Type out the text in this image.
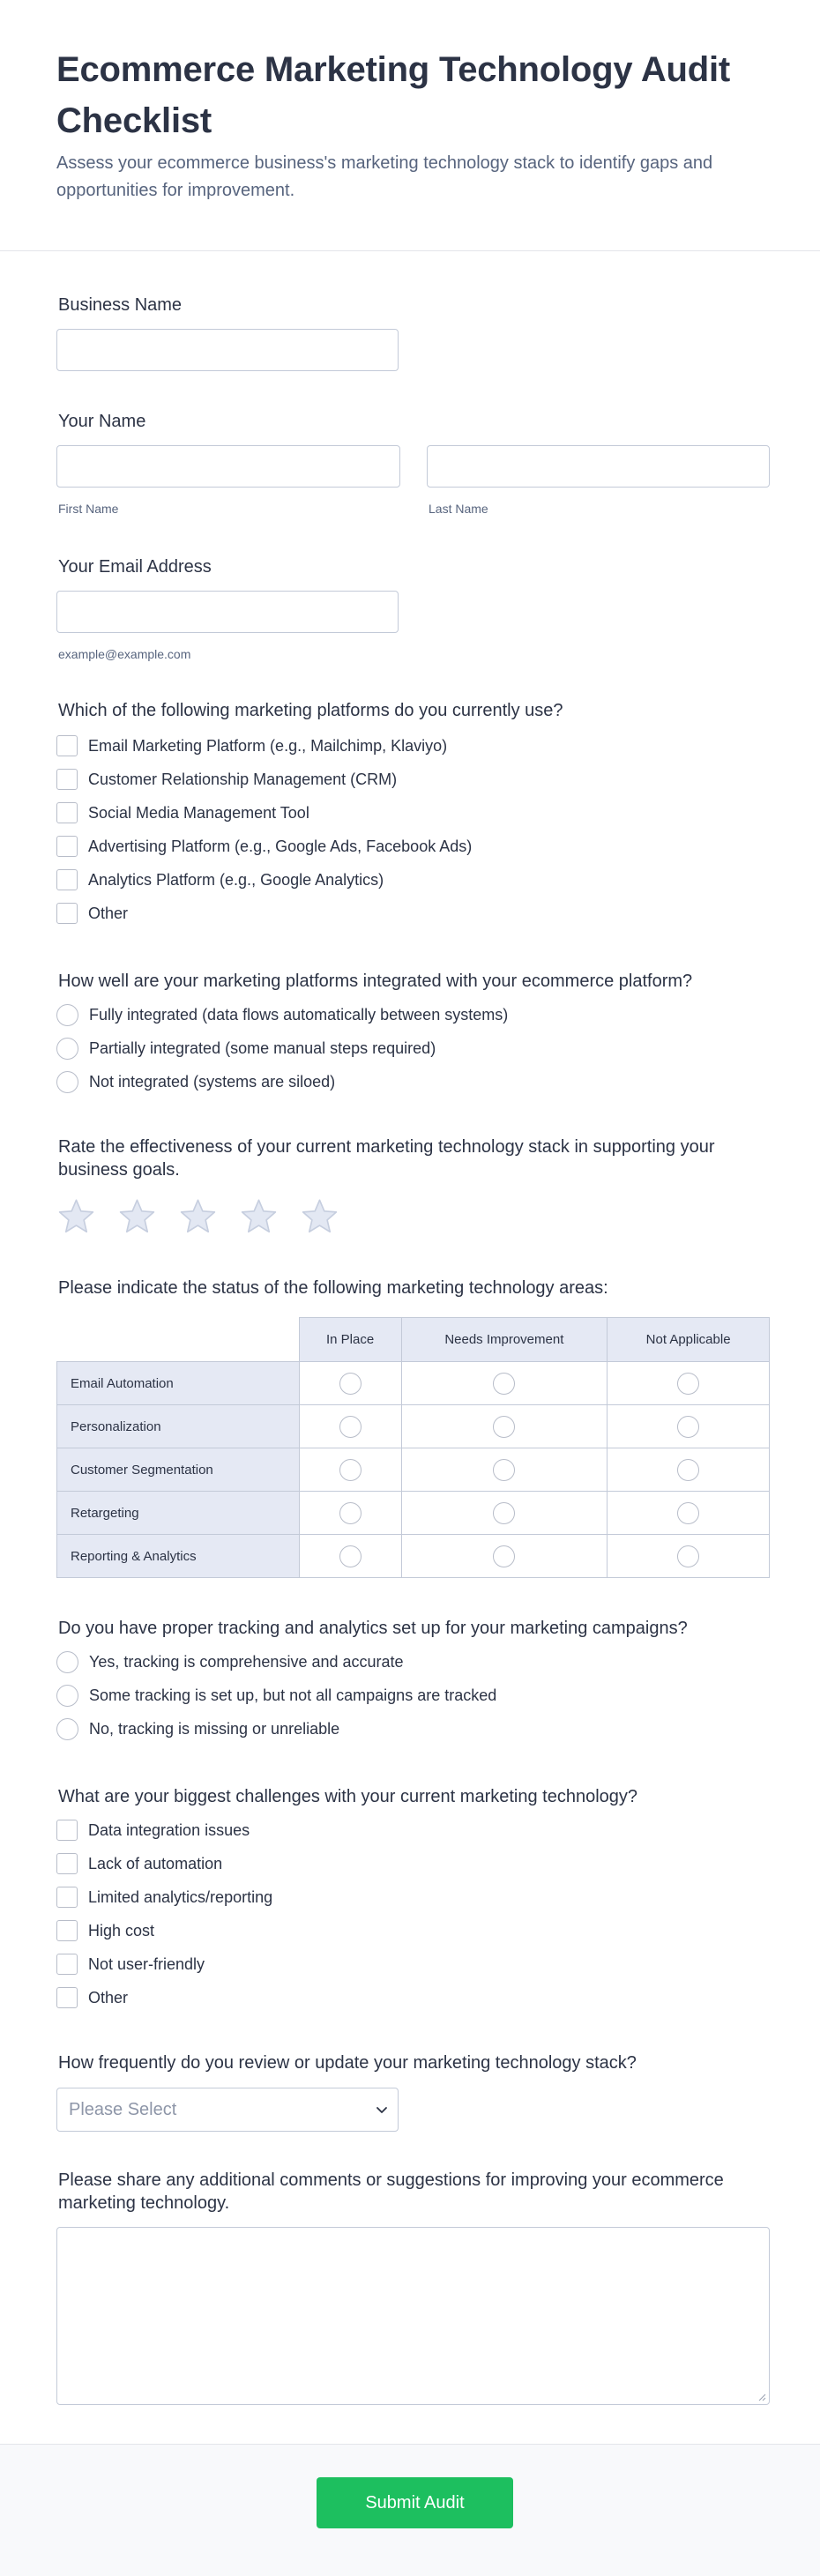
Ecommerce Marketing Technology Audit Checklist

Assess your ecommerce business's marketing technology stack to identify gaps and opportunities for improvement.

Business Name
Your Name
First Name	Last Name
Your Email Address
example@example.com
Which of the following marketing platforms do you currently use?
Email Marketing Platform (e.g., Mailchimp, Klaviyo)
Customer Relationship Management (CRM)
Social Media Management Tool
Advertising Platform (e.g., Google Ads, Facebook Ads)
Analytics Platform (e.g., Google Analytics)
Other
How well are your marketing platforms integrated with your ecommerce platform?
Fully integrated (data flows automatically between systems)
Partially integrated (some manual steps required)
Not integrated (systems are siloed)
Rate the effectiveness of your current marketing technology stack in supporting your business goals.
Please indicate the status of the following marketing technology areas:
	In Place	Needs Improvement	Not Applicable
Email Automation			
Personalization			
Customer Segmentation			
Retargeting			
Reporting & Analytics			
Do you have proper tracking and analytics set up for your marketing campaigns?
Yes, tracking is comprehensive and accurate
Some tracking is set up, but not all campaigns are tracked
No, tracking is missing or unreliable
What are your biggest challenges with your current marketing technology?
Data integration issues
Lack of automation
Limited analytics/reporting
High cost
Not user-friendly
Other
How frequently do you review or update your marketing technology stack?
Please Select
Please share any additional comments or suggestions for improving your ecommerce marketing technology.
Submit Audit
